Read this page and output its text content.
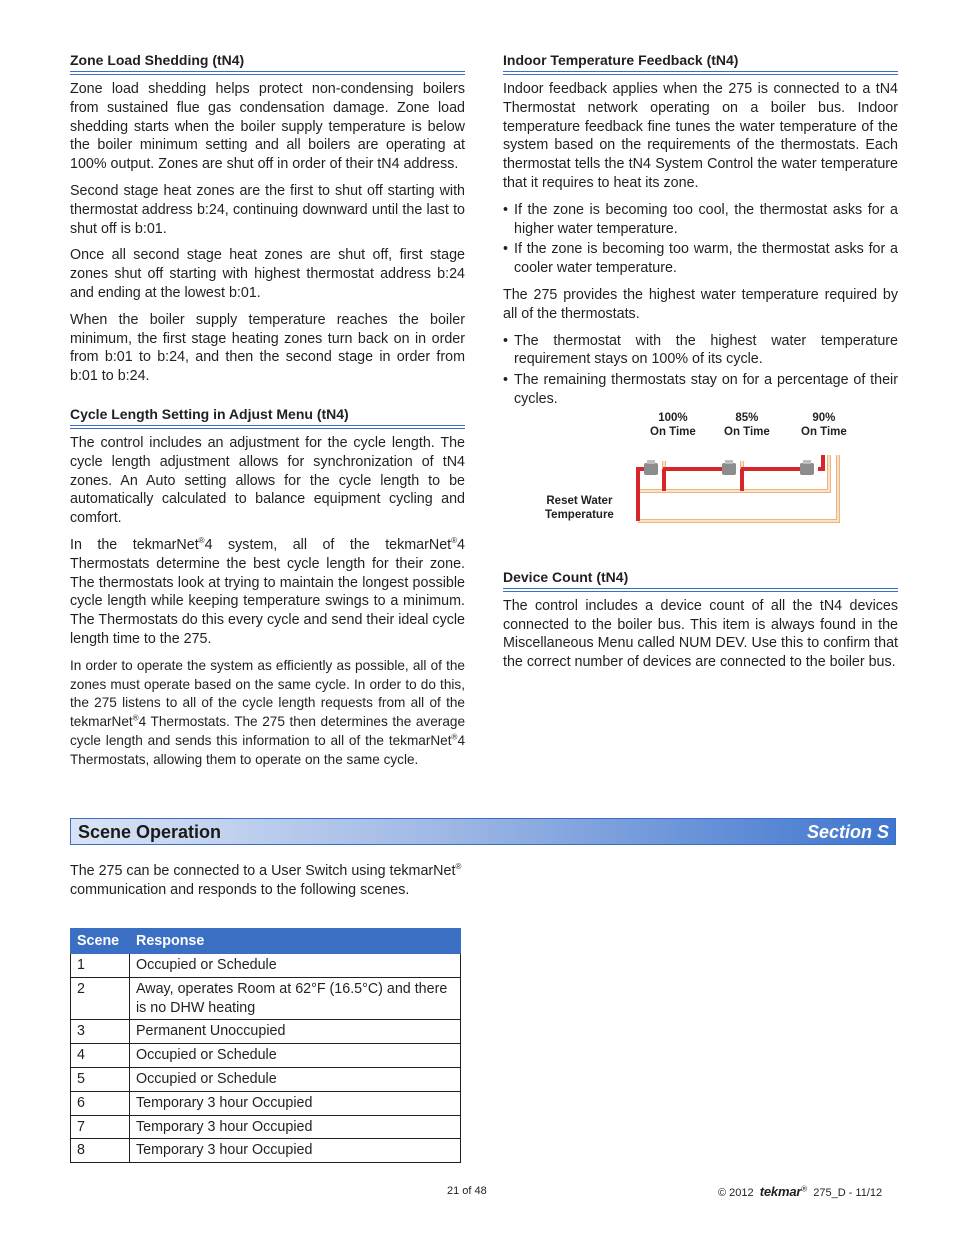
Zone Load Shedding (tN4)

Zone load shedding helps protect non-condensing boilers from sustained flue gas condensation damage. Zone load shedding starts when the boiler supply temperature is below the boiler minimum setting and all boilers are operating at 100% output. Zones are shut off in order of their tN4 address.

Second stage heat zones are the first to shut off starting with thermostat address b:24, continuing downward until the last to shut off is b:01.

Once all second stage heat zones are shut off, first stage zones shut off starting with highest thermostat address b:24 and ending at the lowest b:01.

When the boiler supply temperature reaches the boiler minimum, the first stage heating zones turn back on in order from b:01 to b:24, and then the second stage in order from b:01 to b:24.

Cycle Length Setting in Adjust Menu (tN4)

The control includes an adjustment for the cycle length. The cycle length adjustment allows for synchronization of tN4 zones. An Auto setting allows for the cycle length to be automatically calculated to balance equipment cycling and comfort.

In the tekmarNet®4 system, all of the tekmarNet®4 Thermostats determine the best cycle length for their zone. The thermostats look at trying to maintain the longest possible cycle length while keeping temperature swings to a minimum. The Thermostats do this every cycle and send their ideal cycle length time to the 275.

In order to operate the system as efficiently as possible, all of the zones must operate based on the same cycle. In order to do this, the 275 listens to all of the cycle length requests from all of the tekmarNet®4 Thermostats. The 275 then determines the average cycle length and sends this information to all of the tekmarNet®4 Thermostats, allowing them to operate on the same cycle.

Indoor Temperature Feedback (tN4)

Indoor feedback applies when the 275 is connected to a tN4 Thermostat network operating on a boiler bus. Indoor temperature feedback fine tunes the water temperature of the system based on the requirements of the thermostats. Each thermostat tells the tN4 System Control the water temperature that it requires to heat its zone.

• If the zone is becoming too cool, the thermostat asks for a higher water temperature.
• If the zone is becoming too warm, the thermostat asks for a cooler water temperature.

The 275 provides the highest water temperature required by all of the thermostats.

• The thermostat with the highest water temperature requirement stays on 100% of its cycle.
• The remaining thermostats stay on for a percentage of their cycles.
100%
On Time
85%
On Time
90%
On Time
Reset Water
Temperature
Device Count (tN4)

The control includes a device count of all the tN4 devices connected to the boiler bus. This item is always found in the Miscellaneous Menu called NUM DEV. Use this to confirm that the correct number of devices are connected to the boiler bus.

Scene Operation	Section S

The 275 can be connected to a User Switch using tekmarNet® communication and responds to the following scenes.

Scene	Response
1	Occupied or Schedule
2	Away, operates Room at 62°F (16.5°C) and there is no DHW heating
3	Permanent Unoccupied
4	Occupied or Schedule
5	Occupied or Schedule
6	Temporary 3 hour Occupied
7	Temporary 3 hour Occupied
8	Temporary 3 hour Occupied
21 of 48	© 2012 tekmar® 275_D - 11/12
